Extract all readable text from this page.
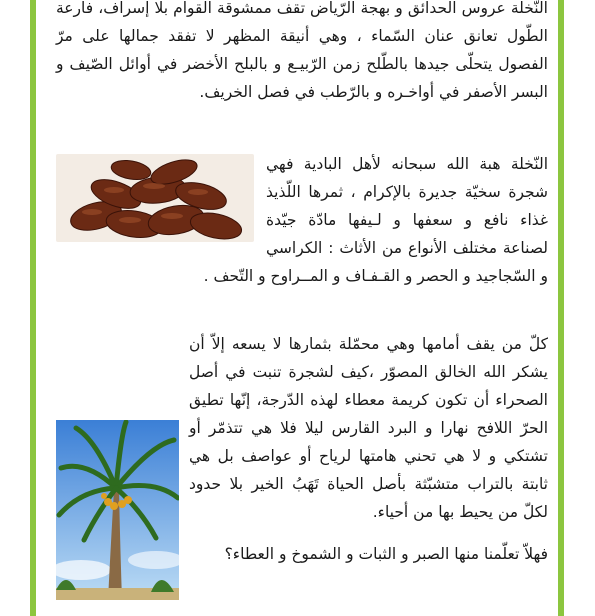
النّخلة عروس الحدائق و بهجة الرّياض تقف ممشوقة القوام بلا إسراف، فارعة الطّول تعانق عنان السّماء ، وهي أنيقة المظهر لا تفقد جمالها على مرّ الفصول يتحلّى جيدها بالطّلح زمن الرّبيـع و بالبلح الأخضر في أوائل الصّيف و البسر الأصفر في أواخـره و بالرّطب في فصل الخريف.

النّخلة هبة الله سبحانه لأهل البادية فهي شجرة سخيّة جديرة بالإكرام ، ثمرها اللّذيذ غذاء نافع و سعفها و لـيفها مادّة جيّدة لصناعة مختلف الأنواع من الأثاث : الكراسي و السّجاجيد و الحصر و القـفـاف و المــراوح و التّحف .

كلّ من يقف أمامها وهي محمّلة بثمارها لا يسعه إلاّ أن يشكر الله الخالق المصوّر ،كيف لشجرة تنبت في أصل الصحراء أن تكون كريمة معطاء لهذه الدّرجة، إنّها تطيق الحرّ اللافح نهارا و البرد القارس ليلا فلا هي تتذمّر أو تشتكي و لا هي تحني هامتها لرياح أو عواصف بل هي ثابتة بالتراب متشبّثة بأصل الحياة تَهَبُ الخير بلا حدود لكلّ من يحيط بها من أحياء.

فهلاّ تعلّمنا منها الصبر و الثبات و الشموخ و العطاء؟
